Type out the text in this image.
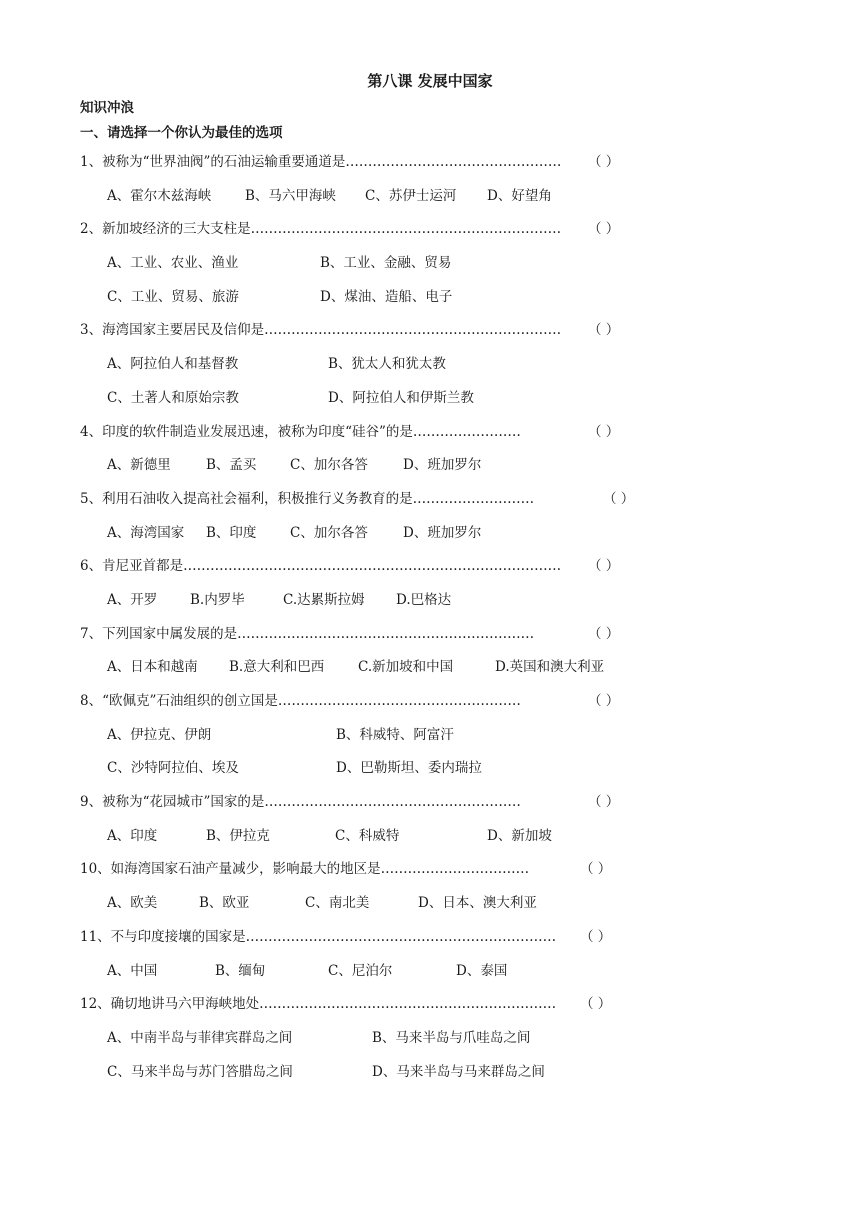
第八课 发展中国家
知识冲浪
一、请选择一个你认为最佳的选项
1、被称为“世界油阀”的石油运输重要通道是………………………………………… （ ）
A、霍尔木兹海峡	B、马六甲海峡 C、苏伊士运河 D、好望角
2、新加坡经济的三大支柱是…………………………………………………………… （ ）
A、工业、农业、渔业	B、工业、金融、贸易
C、工业、贸易、旅游	D、煤油、造船、电子
3、海湾国家主要居民及信仰是………………………………………………………… （ ）
A、阿拉伯人和基督教	B、犹太人和犹太教
C、土著人和原始宗教	D、阿拉伯人和伊斯兰教
4、印度的软件制造业发展迅速，被称为印度“硅谷”的是……………………	（ ）
A、新德里	B、孟买 C、加尔各答	D、班加罗尔
5、利用石油收入提高社会福利，积极推行义务教育的是………………………	（ ）
A、海湾国家 B、印度 C、加尔各答	D、班加罗尔
6、肯尼亚首都是………………………………………………………………………… （ ）
A、开罗 B.内罗毕	C.达累斯拉姆 D.巴格达
7、下列国家中属发展的是…………………………………………………………	（ ）
A、日本和越南 B.意大利和巴西	C.新加坡和中国	D.英国和澳大利亚
8、“欧佩克”石油组织的创立国是………………………………………………	（ ）
A、伊拉克、伊朗	B、科威特、阿富汗
C、沙特阿拉伯、埃及	D、巴勒斯坦、委内瑞拉
9、被称为“花园城市”国家的是…………………………………………………	（ ）
A、印度	B、伊拉克	C、科威特	D、新加坡
10、如海湾国家石油产量减少，影响最大的地区是……………………………	（ ）
A、欧美	B、欧亚	C、南北美	D、日本、澳大利亚
11、不与印度接壤的国家是…………………………………………………………… （ ）
A、中国	B、缅甸	C、尼泊尔	D、泰国
12、确切地讲马六甲海峡地处………………………………………………………… （ ）
A、中南半岛与菲律宾群岛之间	B、马来半岛与爪哇岛之间
C、马来半岛与苏门答腊岛之间	D、马来半岛与马来群岛之间
